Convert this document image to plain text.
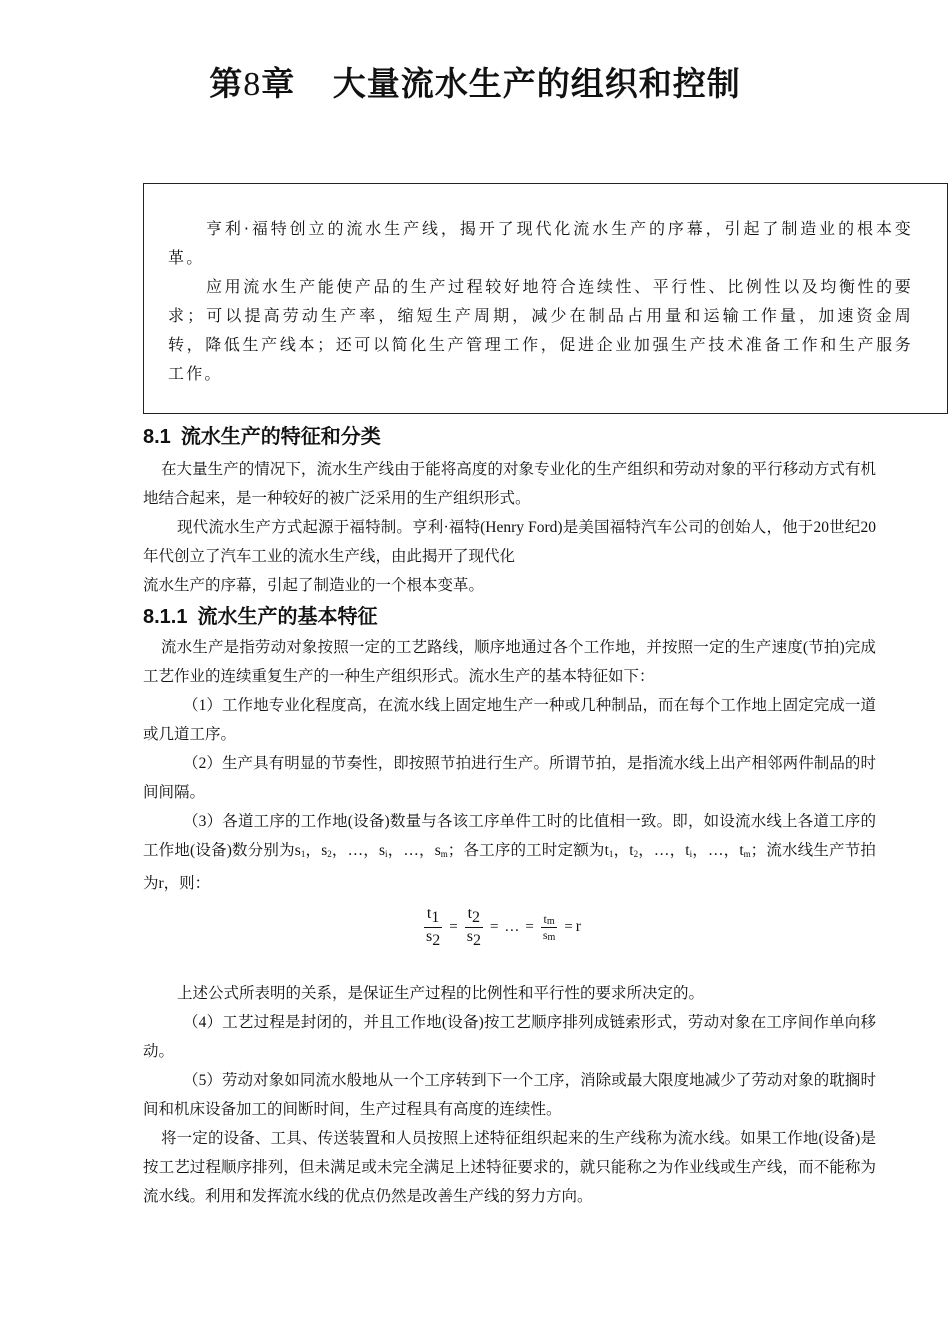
第8章 大量流水生产的组织和控制

亨利·福特创立的流水生产线，揭开了现代化流水生产的序幕，引起了制造业的根本变革。

应用流水生产能使产品的生产过程较好地符合连续性、平行性、比例性以及均衡性的要求；可以提高劳动生产率，缩短生产周期，减少在制品占用量和运输工作量，加速资金周转，降低生产线本；还可以简化生产管理工作，促进企业加强生产技术准备工作和生产服务工作。

8.1 流水生产的特征和分类

在大量生产的情况下，流水生产线由于能将高度的对象专业化的生产组织和劳动对象的平行移动方式有机地结合起来，是一种较好的被广泛采用的生产组织形式。

现代流水生产方式起源于福特制。亨利·福特(Henry Ford)是美国福特汽车公司的创始人，他于20世纪20年代创立了汽车工业的流水生产线，由此揭开了现代化

流水生产的序幕，引起了制造业的一个根本变革。

8.1.1 流水生产的基本特征

流水生产是指劳动对象按照一定的工艺路线，顺序地通过各个工作地，并按照一定的生产速度(节拍)完成工艺作业的连续重复生产的一种生产组织形式。流水生产的基本特征如下：

（1）工作地专业化程度高，在流水线上固定地生产一种或几种制品，而在每个工作地上固定完成一道或几道工序。

（2）生产具有明显的节奏性，即按照节拍进行生产。所谓节拍，是指流水线上出产相邻两件制品的时间间隔。

（3）各道工序的工作地(设备)数量与各该工序单件工时的比值相一致。即，如设流水线上各道工序的工作地(设备)数分别为$s_1$，$s_2$，…，$s_i$，…，$s_m$；各工序的工时定额为$t_1$，$t_2$，…，$t_i$，…，$t_m$；流水线生产节拍为r，则：

$\frac{t_1}{s_2} = \frac{t_2}{s_2}$ = … = $\frac{t_m}{s_m} = r$

上述公式所表明的关系，是保证生产过程的比例性和平行性的要求所决定的。

（4）工艺过程是封闭的，并且工作地(设备)按工艺顺序排列成链索形式，劳动对象在工序间作单向移动。

（5）劳动对象如同流水般地从一个工序转到下一个工序，消除或最大限度地减少了劳动对象的耽搁时间和机床设备加工的间断时间，生产过程具有高度的连续性。

将一定的设备、工具、传送装置和人员按照上述特征组织起来的生产线称为流水线。如果工作地(设备)是按工艺过程顺序排列，但未满足或未完全满足上述特征要求的，就只能称之为作业线或生产线，而不能称为流水线。利用和发挥流水线的优点仍然是改善生产线的努力方向。
